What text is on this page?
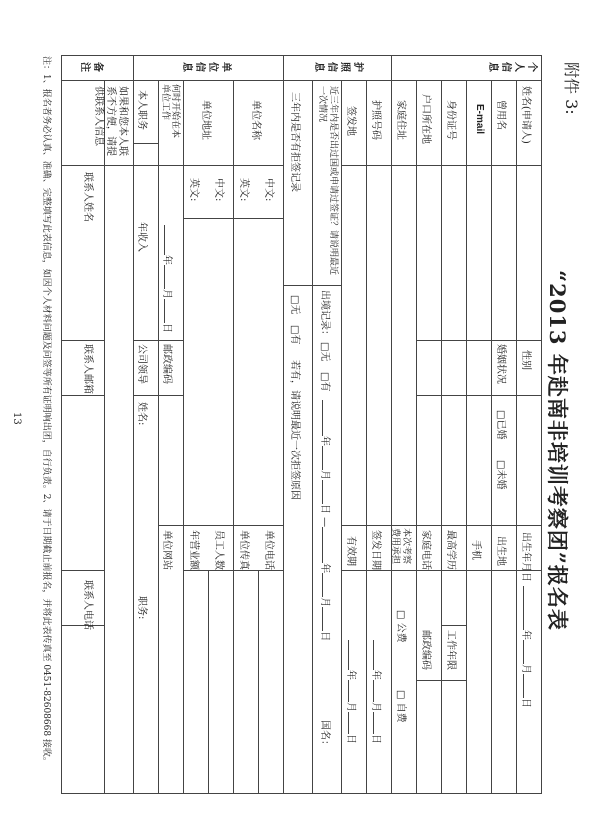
附件 3:
“2013 年赴南非培训考察团”报名表
个人信息
护照信息
单位信息
备注
姓名(申请人)
性别
出生年月日
年月日
曾用名
婚姻状况
□已婚
□未婚
出生地
E-mail
手机
身份证号
最高学历
工作年限
户口所在地
家庭电话
邮政编码
家庭住址
本次考察费用承担
□ 公费
□ 自费
护照号码
签发日期
年月日
签发地
有效期
年月日
近三年内是否出过国或申请过签证？请说明最近一次情况
出境记录：
□无
□有
年月日 —年月日
国名：
三年内是否有拒签记录
□无
□有
若有，请说明最近一次拒签原因
单位名称
中文:
英文:
单位地址
中文:
英文:
单位电话
单位传真
员工人数
年营业额
何时开始在本单位工作
年月日
邮政编码
单位网站
本人职务
年收入
公司领导
姓名:
职务:
如果和您本人联系不方便，请提供联系人信息
联系人姓名
联系人邮箱
联系人电话
注：1、报名者务必认真、准确、完整填写此表信息，如因个人材料问题及问签等所有证明响出团，自行负责。2、请于日期截止前报名，并将此表传真至 0451-82608668 接收。
13
